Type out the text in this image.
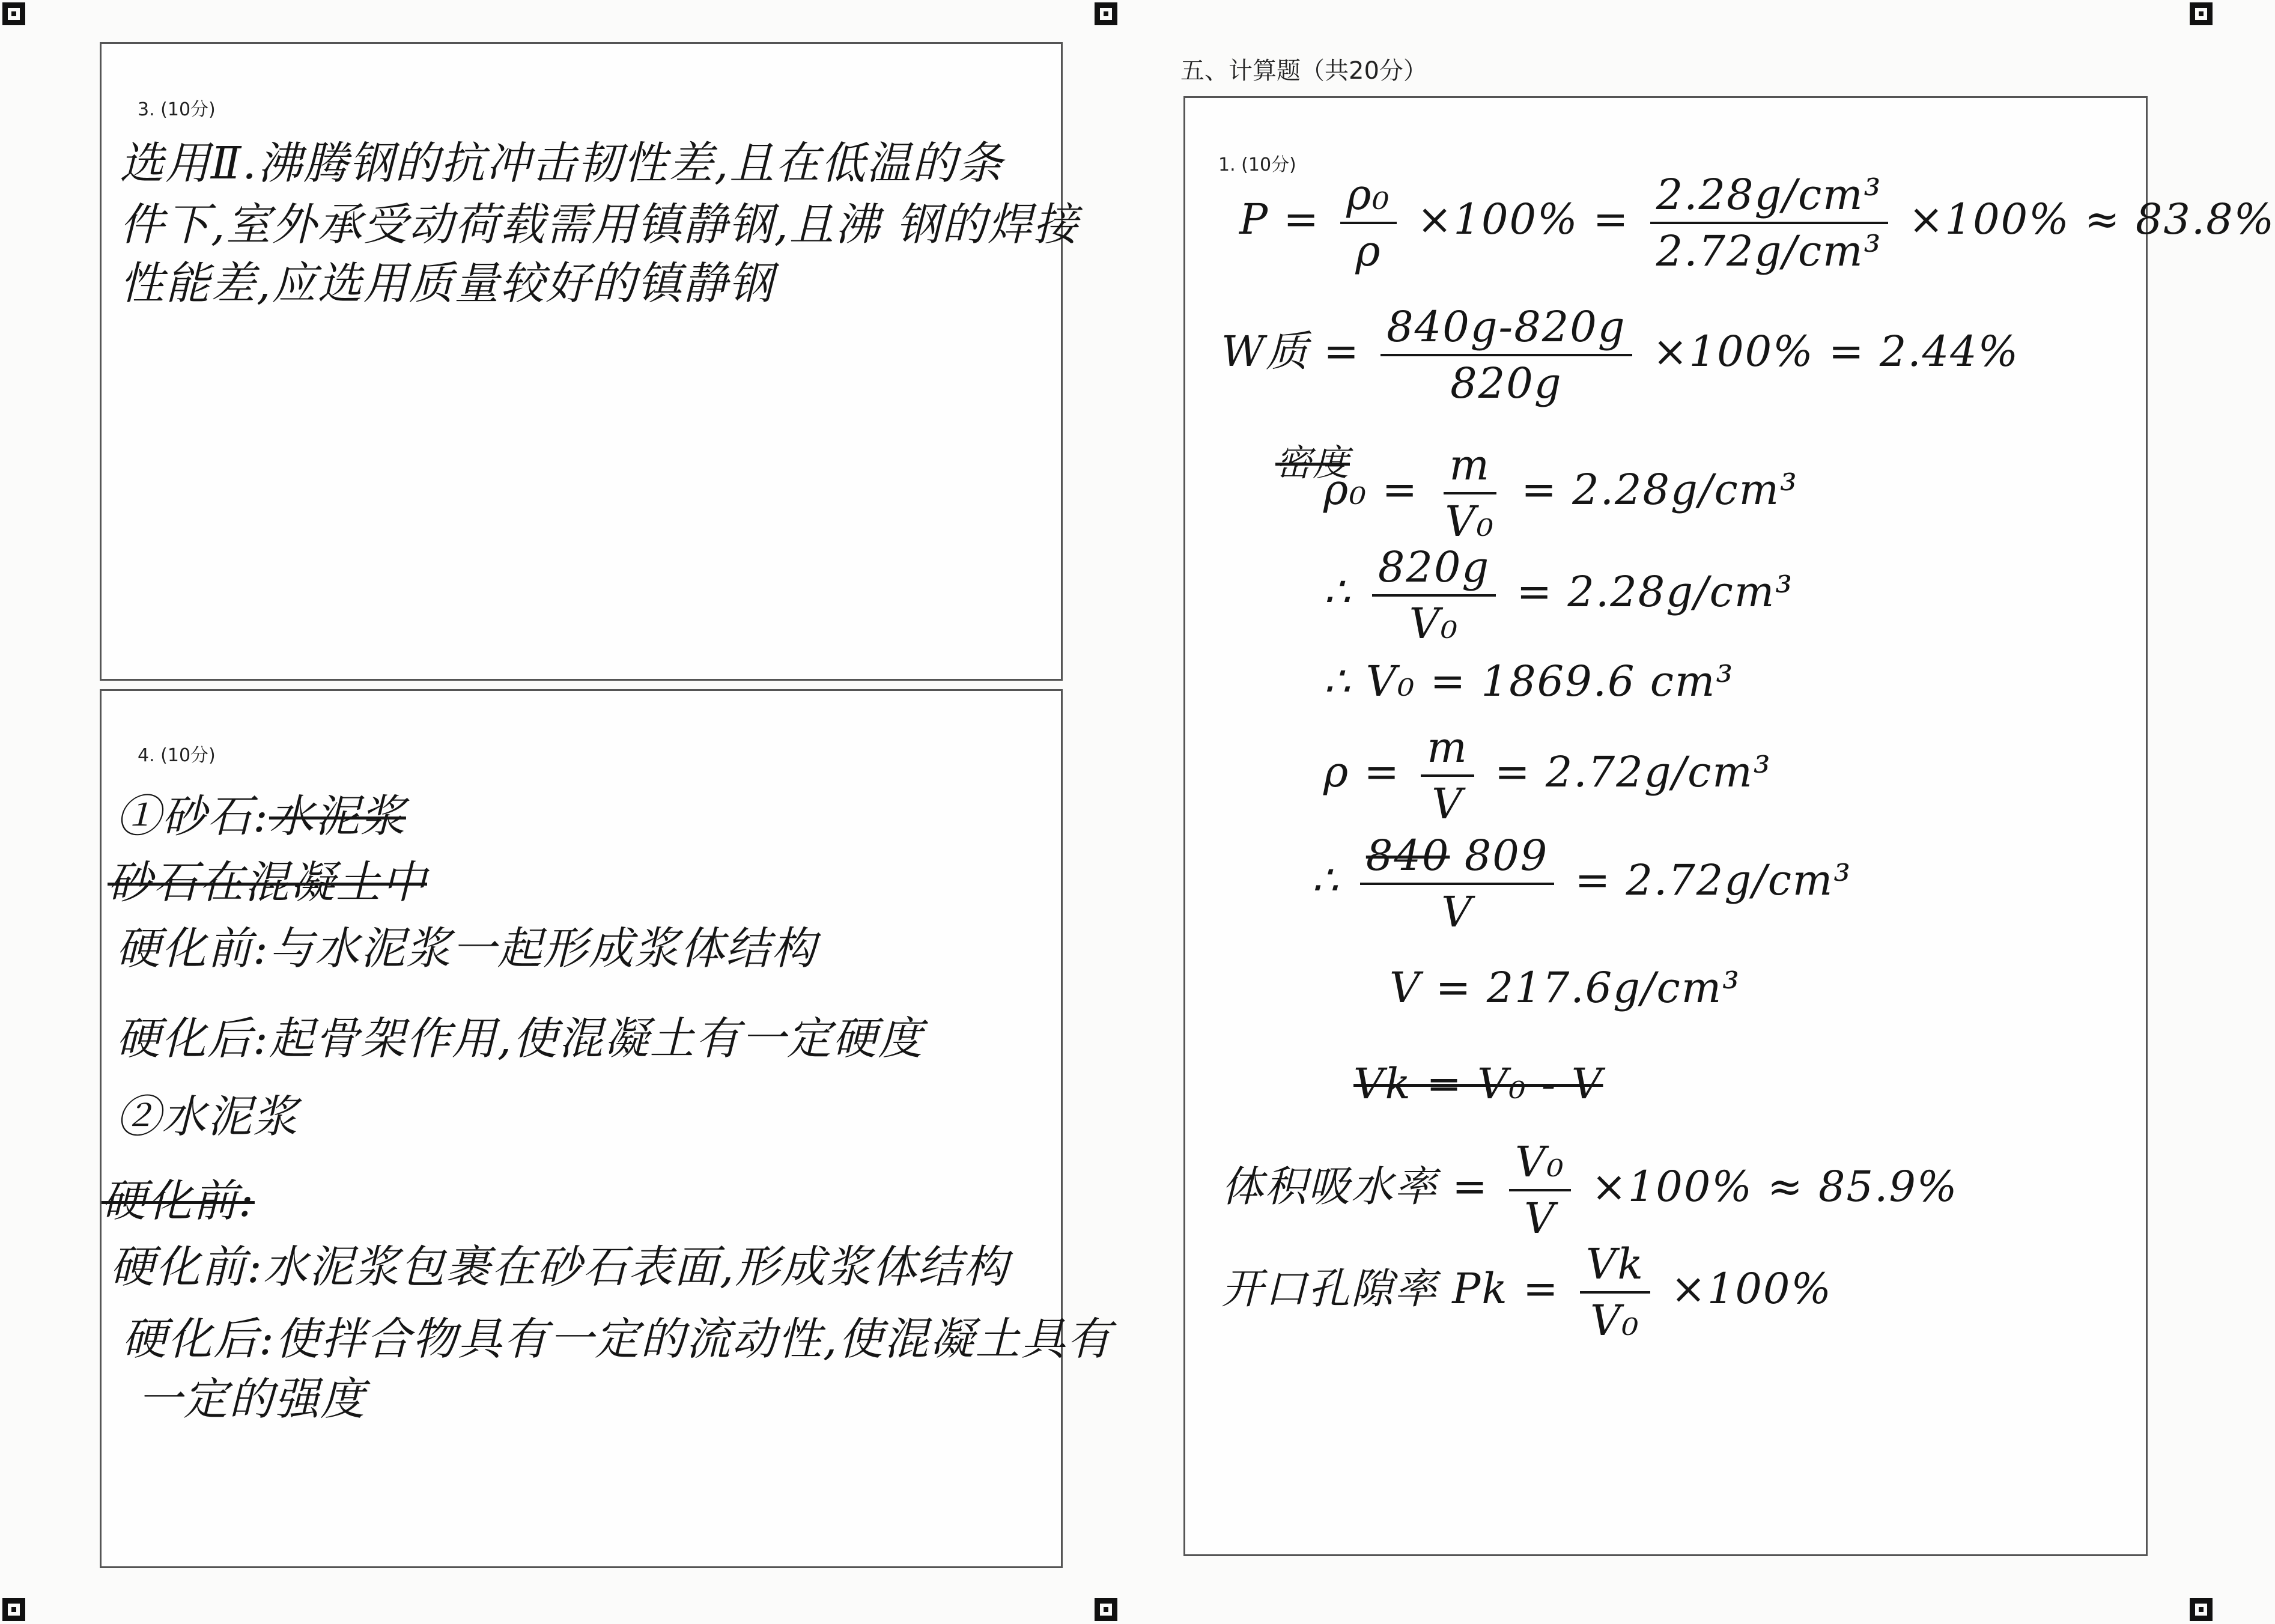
3. (10分)
选用Ⅱ.沸腾钢的抗冲击韧性差,且在低温的条
件下,室外承受动荷载需用镇静钢,且沸 钢的焊接
性能差,应选用质量较好的镇静钢
4. (10分)
①砂石:水泥浆
砂石在混凝土中
硬化前:与水泥浆一起形成浆体结构
硬化后:起骨架作用,使混凝土有一定硬度
②水泥浆
硬化前:
硬化前:水泥浆包裹在砂石表面,形成浆体结构
硬化后:使拌合物具有一定的流动性,使混凝土具有
一定的强度
五、计算题（共20分）
1. (10分)
$P = \frac{\text{ρ₀}}{\rho} \times 100\% = \frac{\text{2.28g/cm³}}{\text{2.72g/cm³}} \times 100\% \approx 83.8\%$
W质 = $\frac{840g-820g}{820g} \times 100\% = 2.44\%$
密度
$\rho_0 = \frac{m}{\text{V₀}} = 2.28g/cm^3$
∴ $\frac{820g}{\text{V₀}} = 2.28g/cm^3$
∴ V₀ = 1869.6 cm³
$\rho = \frac{m}{V} = 2.72g/cm^3$
∴ $\frac{840 809}{V} = 2.72g/cm^3$
V = 217.6g/cm³
Vk = V₀ - V
体积吸水率 = $\frac{\text{V₀}}{V} \times 100\% \approx 85.9\%$
开口孔隙率 $Pk = \frac{Vk}{\text{V₀}} \times 100\%$
